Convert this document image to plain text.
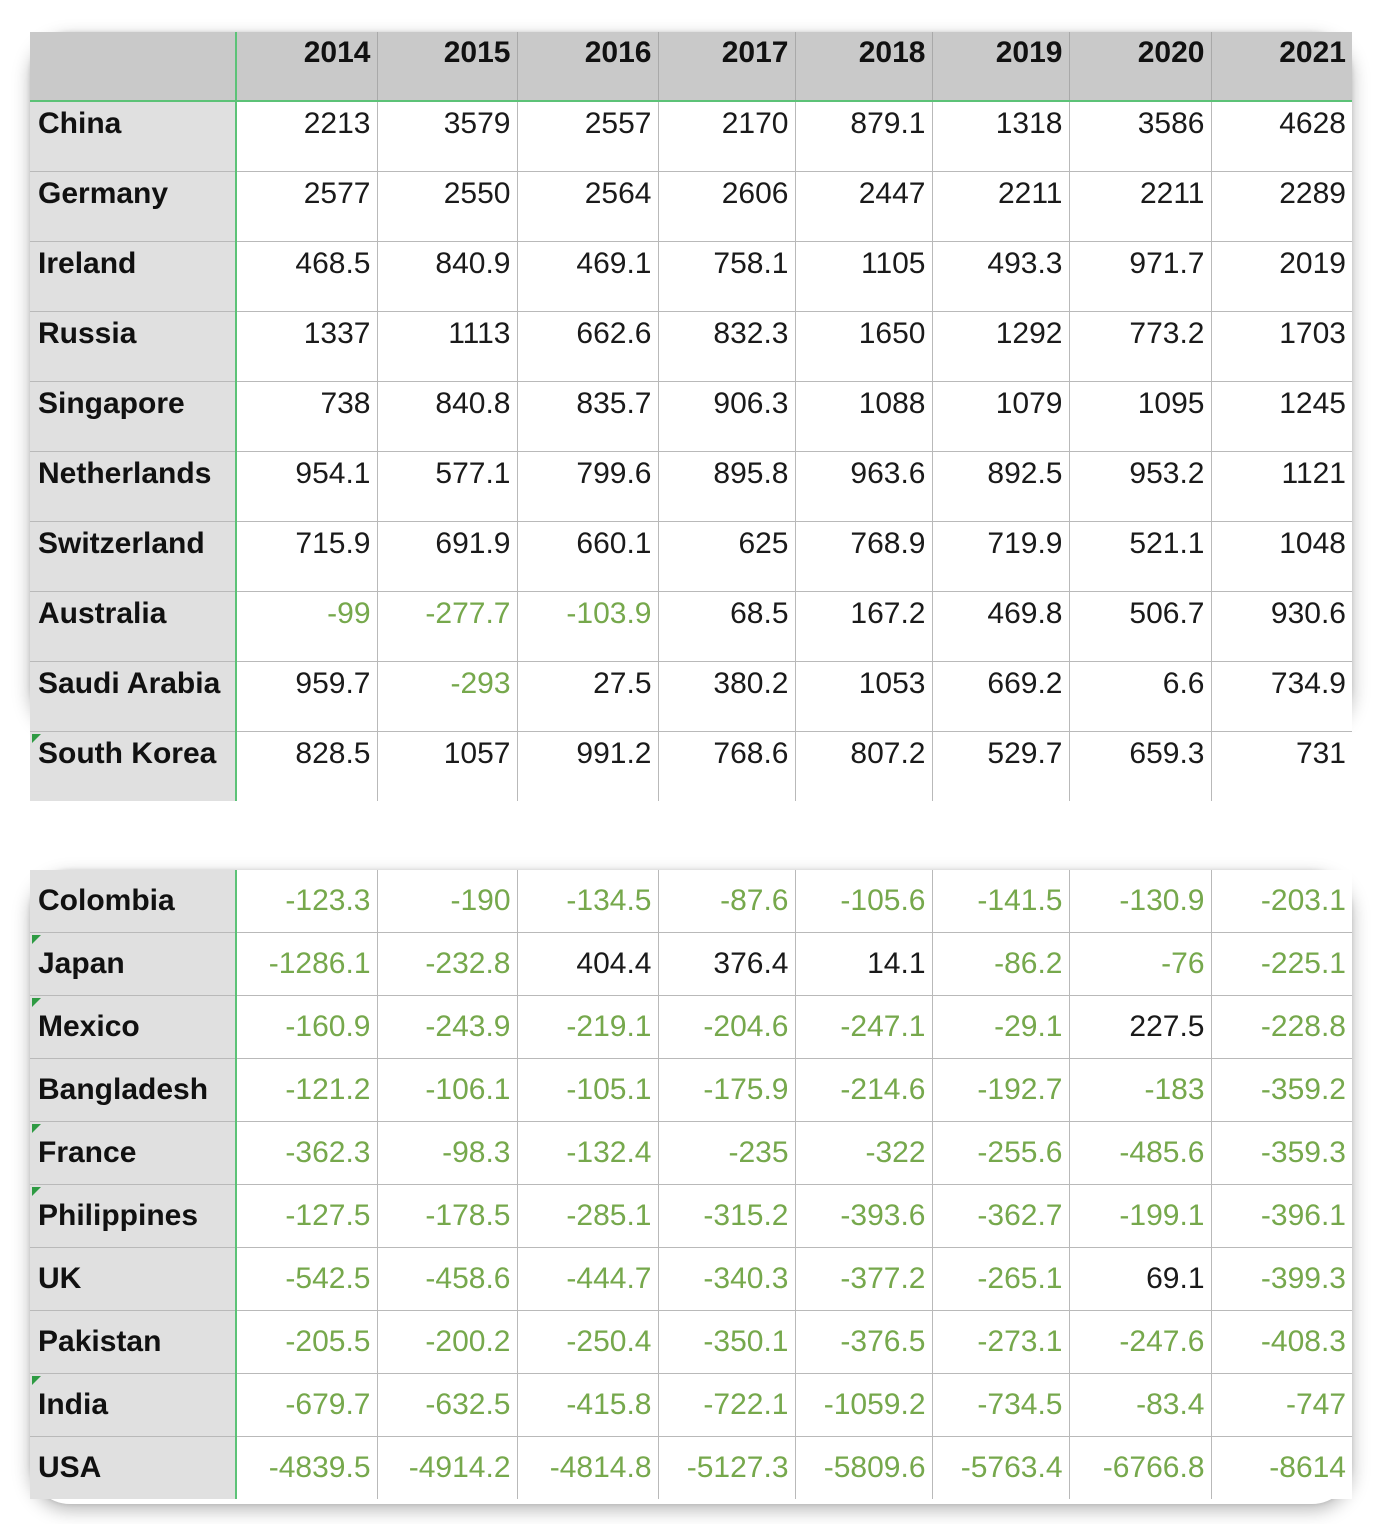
	2014	2015	2016	2017	2018	2019	2020	2021
China	2213	3579	2557	2170	879.1	1318	3586	4628
Germany	2577	2550	2564	2606	2447	2211	2211	2289
Ireland	468.5	840.9	469.1	758.1	1105	493.3	971.7	2019
Russia	1337	1113	662.6	832.3	1650	1292	773.2	1703
Singapore	738	840.8	835.7	906.3	1088	1079	1095	1245
Netherlands	954.1	577.1	799.6	895.8	963.6	892.5	953.2	1121
Switzerland	715.9	691.9	660.1	625	768.9	719.9	521.1	1048
Australia	-99	-277.7	-103.9	68.5	167.2	469.8	506.7	930.6
Saudi Arabia	959.7	-293	27.5	380.2	1053	669.2	6.6	734.9
South Korea	828.5	1057	991.2	768.6	807.2	529.7	659.3	731
Colombia	-123.3	-190	-134.5	-87.6	-105.6	-141.5	-130.9	-203.1
Japan	-1286.1	-232.8	404.4	376.4	14.1	-86.2	-76	-225.1
Mexico	-160.9	-243.9	-219.1	-204.6	-247.1	-29.1	227.5	-228.8
Bangladesh	-121.2	-106.1	-105.1	-175.9	-214.6	-192.7	-183	-359.2
France	-362.3	-98.3	-132.4	-235	-322	-255.6	-485.6	-359.3
Philippines	-127.5	-178.5	-285.1	-315.2	-393.6	-362.7	-199.1	-396.1
UK	-542.5	-458.6	-444.7	-340.3	-377.2	-265.1	69.1	-399.3
Pakistan	-205.5	-200.2	-250.4	-350.1	-376.5	-273.1	-247.6	-408.3
India	-679.7	-632.5	-415.8	-722.1	-1059.2	-734.5	-83.4	-747
USA	-4839.5	-4914.2	-4814.8	-5127.3	-5809.6	-5763.4	-6766.8	-8614
